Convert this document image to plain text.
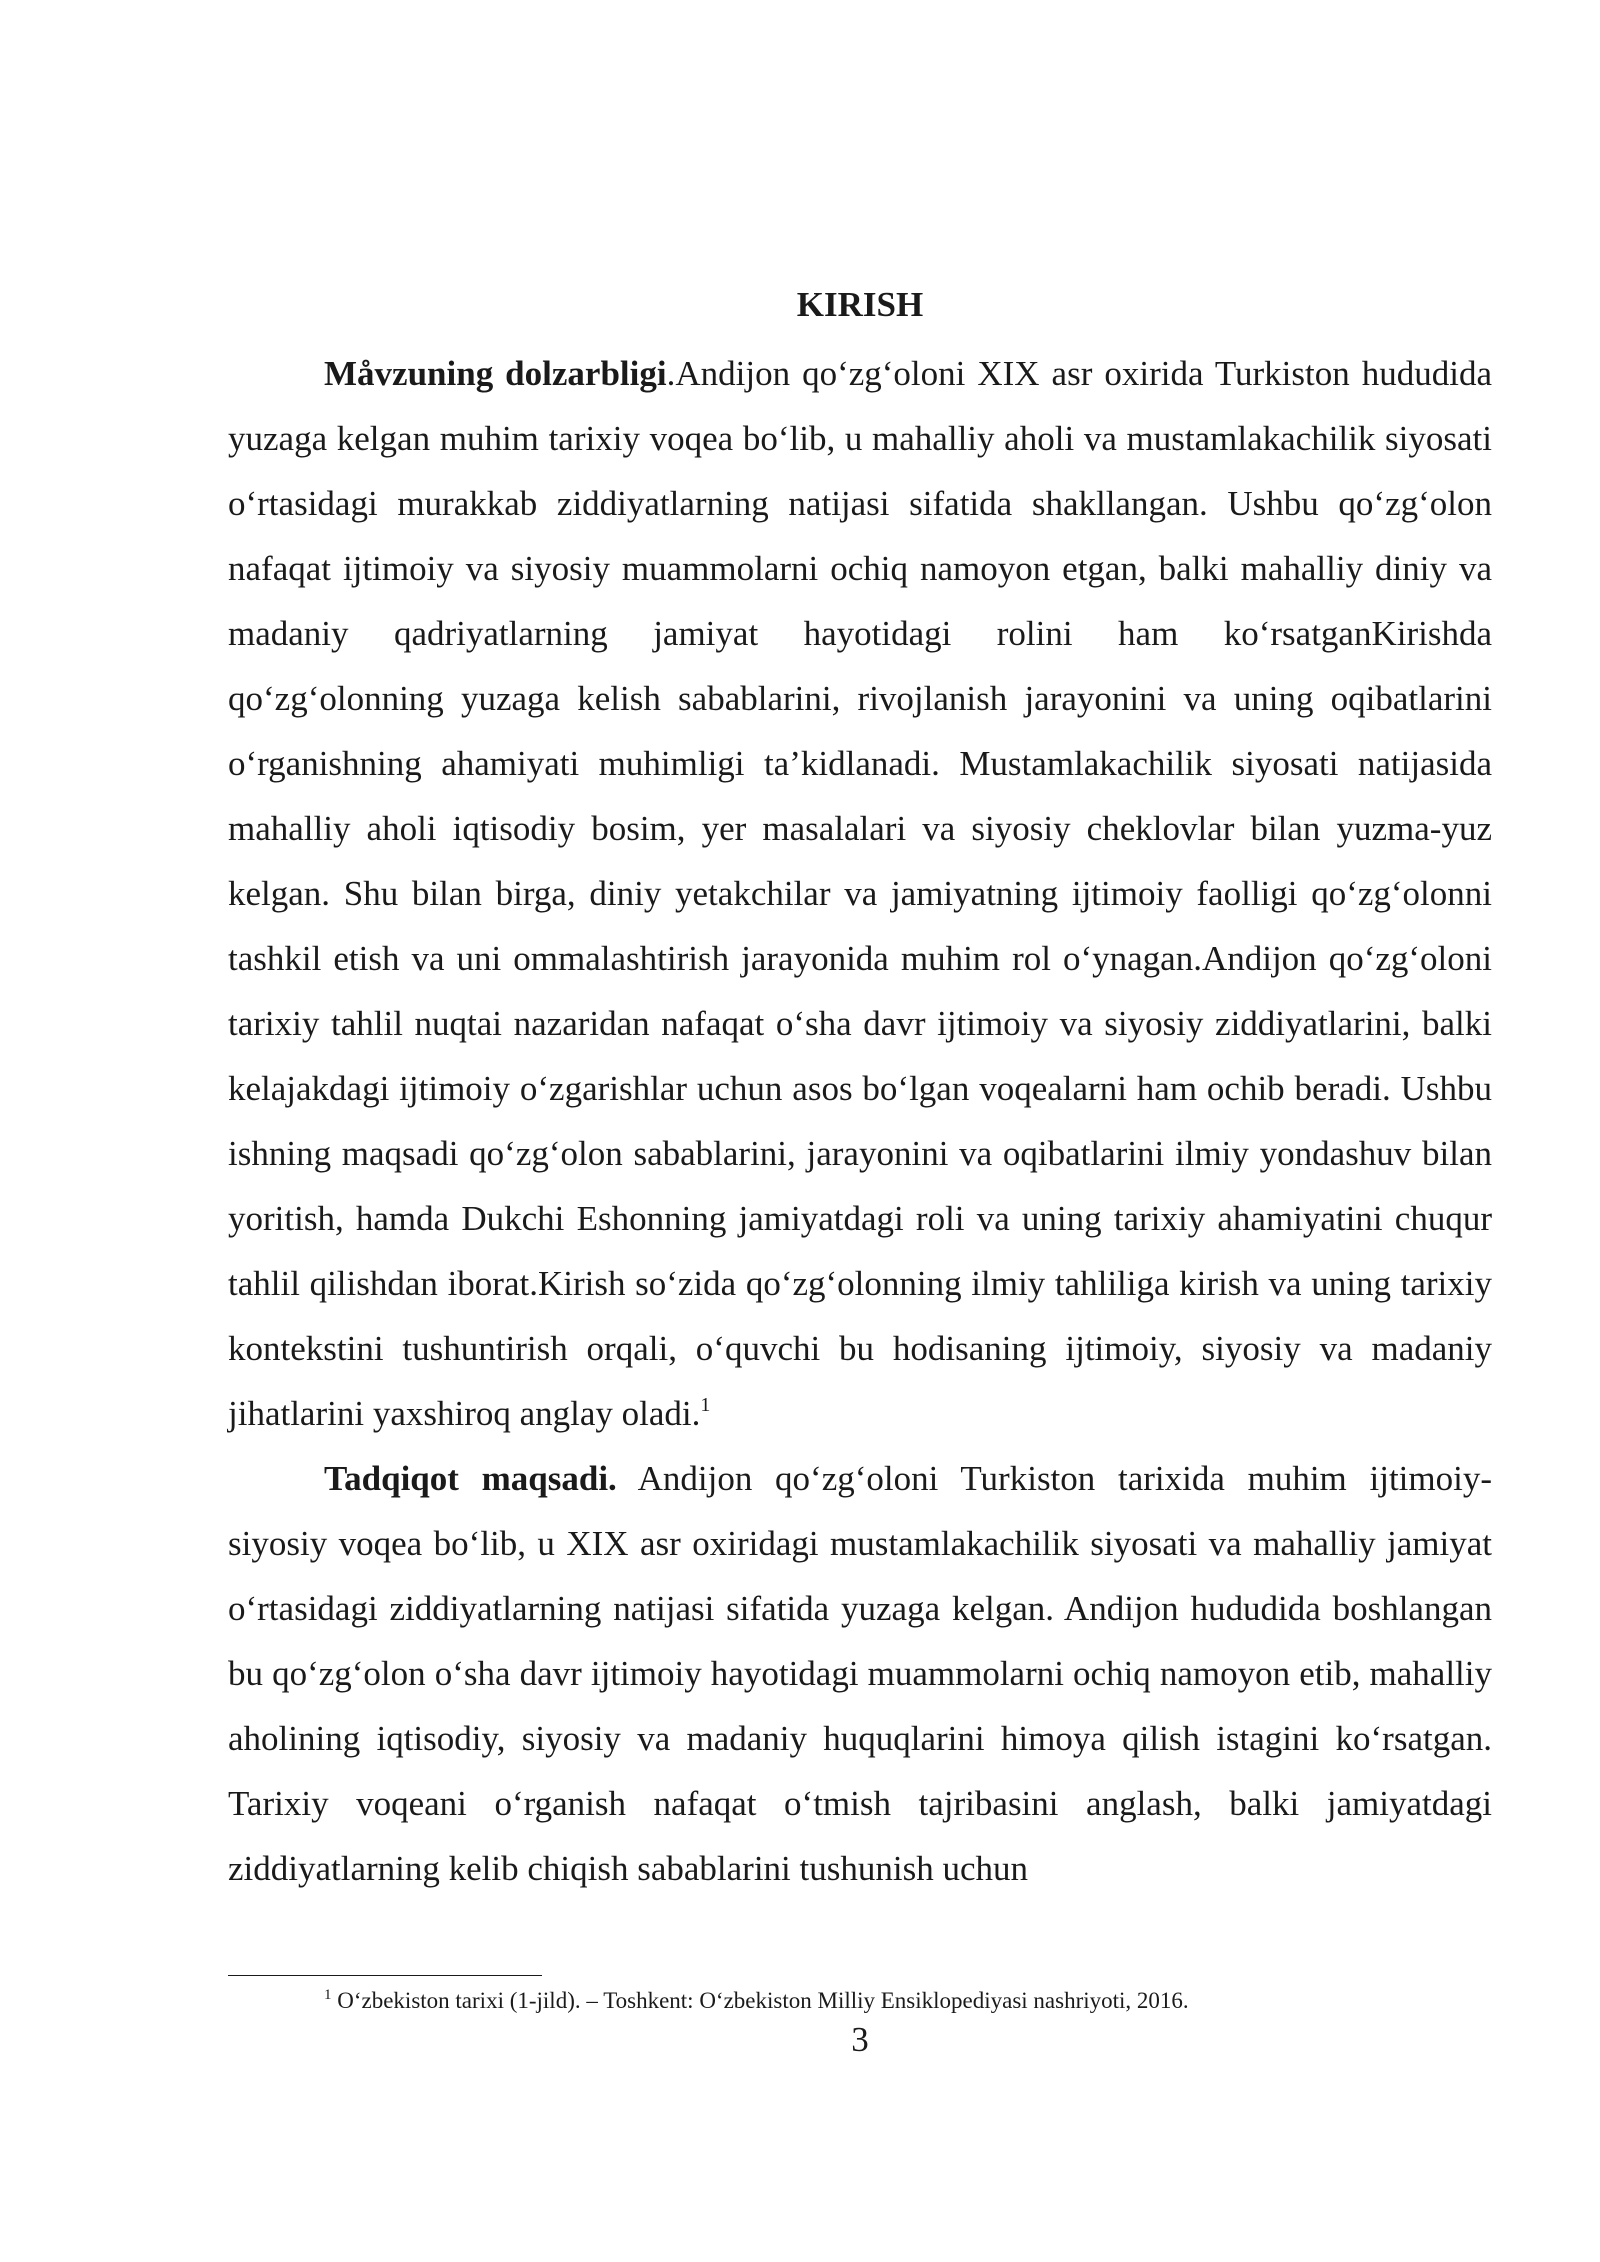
KIRISH

Måvzuning dolzarbligi.Andijon qo‘zg‘oloni XIX asr oxirida Turkiston hududida yuzaga kelgan muhim tarixiy voqea bo‘lib, u mahalliy aholi va mustamlakachilik siyosati o‘rtasidagi murakkab ziddiyatlarning natijasi sifatida shakllangan. Ushbu qo‘zg‘olon nafaqat ijtimoiy va siyosiy muammolarni ochiq namoyon etgan, balki mahalliy diniy va madaniy qadriyatlarning jamiyat hayotidagi rolini ham ko‘rsatganKirishda qo‘zg‘olonning yuzaga kelish sabablarini, rivojlanish jarayonini va uning oqibatlarini o‘rganishning ahamiyati muhimligi ta’kidlanadi. Mustamlakachilik siyosati natijasida mahalliy aholi iqtisodiy bosim, yer masalalari va siyosiy cheklovlar bilan yuzma-yuz kelgan. Shu bilan birga, diniy yetakchilar va jamiyatning ijtimoiy faolligi qo‘zg‘olonni tashkil etish va uni ommalashtirish jarayonida muhim rol o‘ynagan.Andijon qo‘zg‘oloni tarixiy tahlil nuqtai nazaridan nafaqat o‘sha davr ijtimoiy va siyosiy ziddiyatlarini, balki kelajakdagi ijtimoiy o‘zgarishlar uchun asos bo‘lgan voqealarni ham ochib beradi. Ushbu ishning maqsadi qo‘zg‘olon sabablarini, jarayonini va oqibatlarini ilmiy yondashuv bilan yoritish, hamda Dukchi Eshonning jamiyatdagi roli va uning tarixiy ahamiyatini chuqur tahlil qilishdan iborat.Kirish so‘zida qo‘zg‘olonning ilmiy tahliliga kirish va uning tarixiy kontekstini tushuntirish orqali, o‘quvchi bu hodisaning ijtimoiy, siyosiy va madaniy jihatlarini yaxshiroq anglay oladi.$^1$

Tadqiqot maqsadi. Andijon qo‘zg‘oloni Turkiston tarixida muhim ijtimoiy-siyosiy voqea bo‘lib, u XIX asr oxiridagi mustamlakachilik siyosati va mahalliy jamiyat o‘rtasidagi ziddiyatlarning natijasi sifatida yuzaga kelgan. Andijon hududida boshlangan bu qo‘zg‘olon o‘sha davr ijtimoiy hayotidagi muammolarni ochiq namoyon etib, mahalliy aholining iqtisodiy, siyosiy va madaniy huquqlarini himoya qilish istagini ko‘rsatgan. Tarixiy voqeani o‘rganish nafaqat o‘tmish tajribasini anglash, balki jamiyatdagi ziddiyatlarning kelib chiqish sabablarini tushunish uchun

$^1$ O‘zbekiston tarixi (1-jild). – Toshkent: O‘zbekiston Milliy Ensiklopediyasi nashriyoti, 2016.

3
